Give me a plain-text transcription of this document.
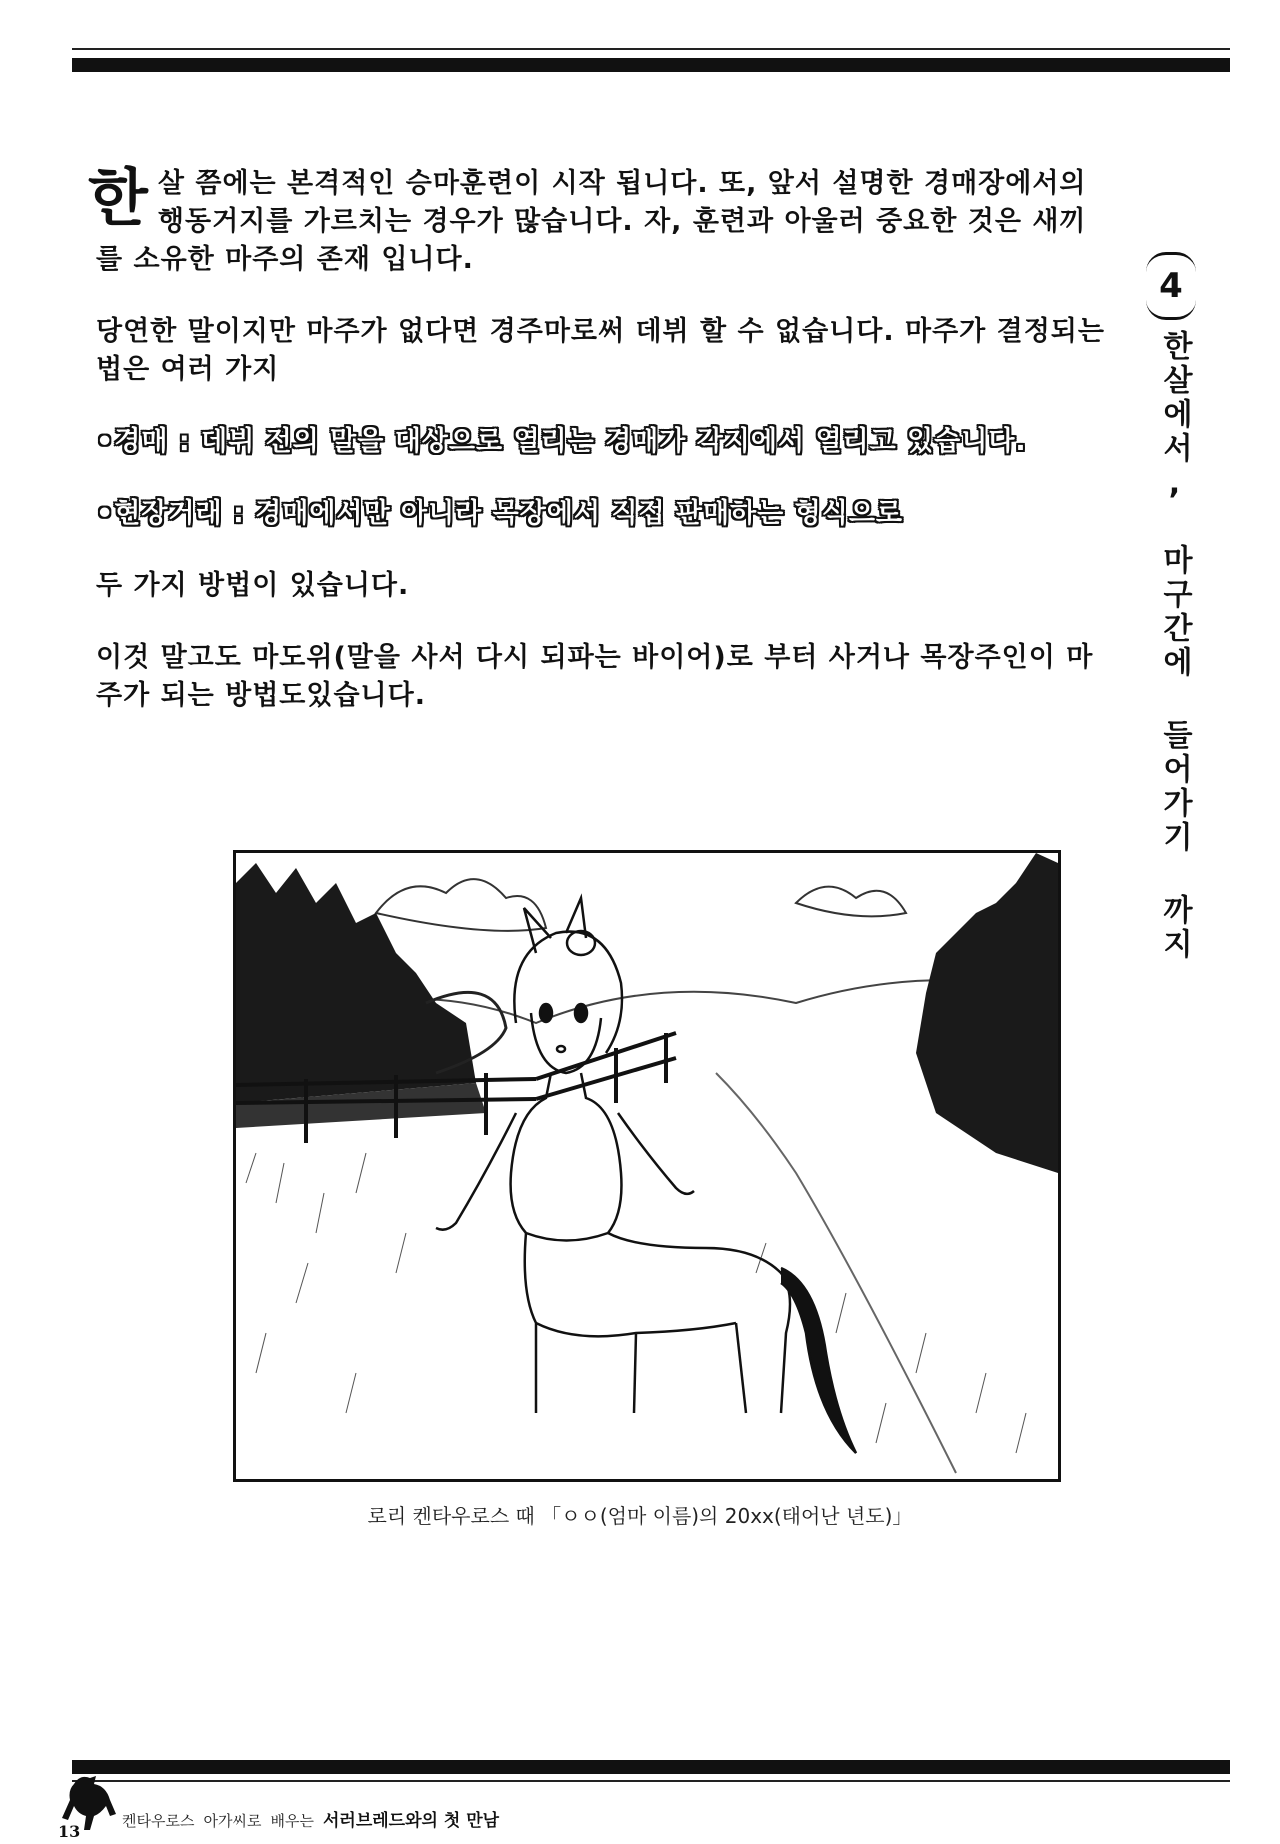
한 살 쯤에는 본격적인 승마훈련이 시작 됩니다. 또, 앞서 설명한 경매장에서의 행동거지를 가르치는 경우가 많습니다. 자, 훈련과 아울러 중요한 것은 새끼를 소유한 마주의 존재 입니다.

당연한 말이지만 마주가 없다면 경주마로써 데뷔 할 수 없습니다. 마주가 결정되는 법은 여러 가지

•경매 : 데뷔 전의 말을 대상으로 열리는 경매가 각지에서 열리고 있습니다.

•현장거래 : 경매에서만 아니라 목장에서 직접 판매하는 형식으로

두 가지 방법이 있습니다.

이것 말고도 마도위(말을 사서 다시 되파는 바이어)로 부터 사거나 목장주인이 마주가 되는 방법도있습니다.

4
한살에서, 마구간에 들어가기 까지
로리 켄타우로스 때 「ㅇㅇ(엄마 이름)의 20xx(태어난 년도)」
13
켄타우로스 아가씨로 배우는 서러브레드와의 첫 만남
